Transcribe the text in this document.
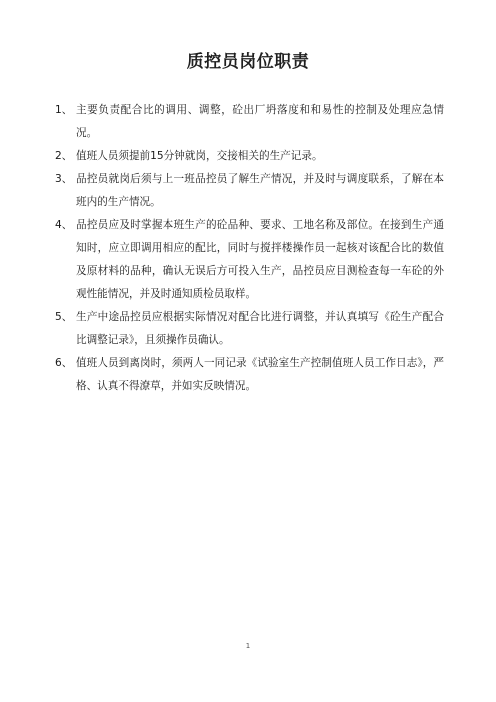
质控员岗位职责
1、 主要负责配合比的调用、调整，砼出厂坍落度和和易性的控制及处理应急情况。
2、 值班人员须提前15分钟就岗，交接相关的生产记录。
3、 品控员就岗后须与上一班品控员了解生产情况，并及时与调度联系，了解在本班内的生产情况。
4、 品控员应及时掌握本班生产的砼品种、要求、工地名称及部位。在接到生产通知时，应立即调用相应的配比，同时与搅拌楼操作员一起核对该配合比的数值及原材料的品种，确认无误后方可投入生产，品控员应目测检查每一车砼的外观性能情况，并及时通知质检员取样。
5、 生产中途品控员应根据实际情况对配合比进行调整，并认真填写《砼生产配合比调整记录》，且须操作员确认。
6、 值班人员到离岗时，须两人一同记录《试验室生产控制值班人员工作日志》，严格、认真不得潦草，并如实反映情况。
1
